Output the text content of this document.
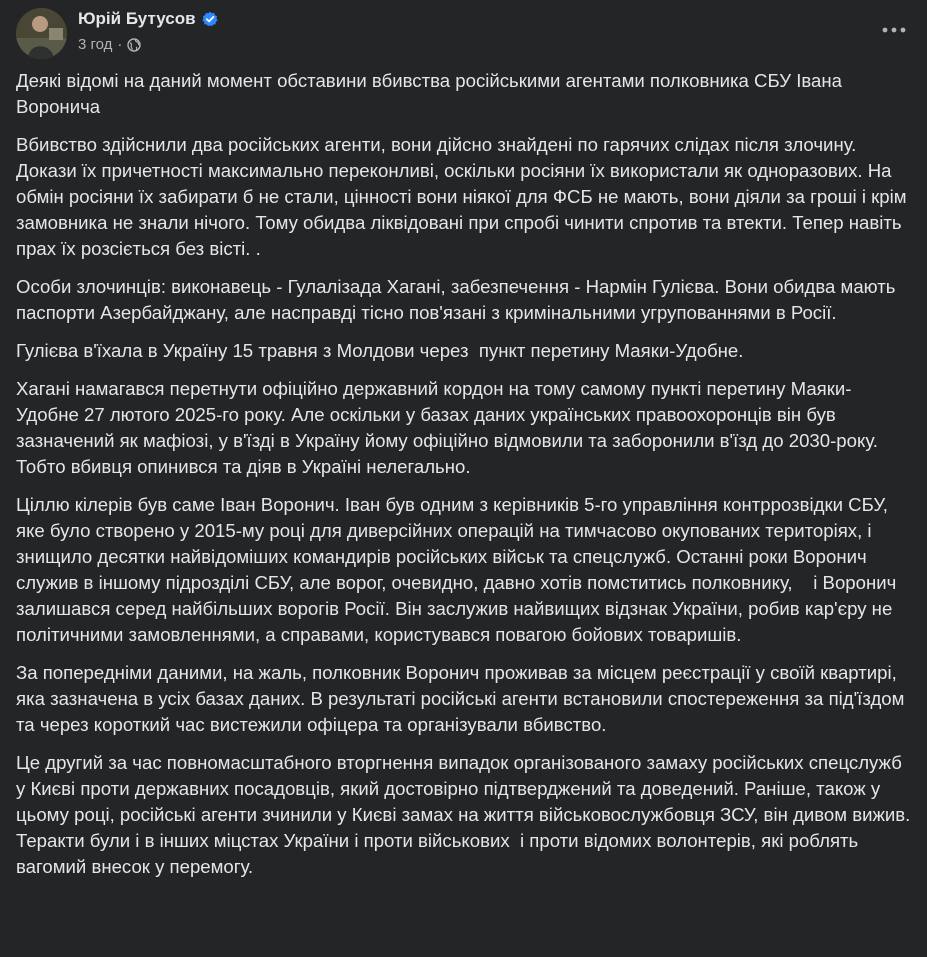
Юрій Бутусов
3 год ·

Деякі відомі на даний момент обставини вбивства російськими агентами полковника СБУ Івана Воронича

Вбивство здійснили два російських агенти, вони дійсно знайдені по гарячих слідах після злочину. Докази їх причетності максимально переконливі, оскільки росіяни їх використали як одноразових. На обмін росіяни їх забирати б не стали, цінності вони ніякої для ФСБ не мають, вони діяли за гроші і крім замовника не знали нічого. Тому обидва ліквідовані при спробі чинити спротив та втекти. Тепер навіть прах їх розсіється без вісті. .

Особи злочинців: виконавець - Гулалізада Хагані, забезпечення - Нармін Гулієва. Вони обидва мають паспорти Азербайджану, але насправді тісно пов'язані з кримінальними угрупованнями в Росії.

Гулієва в'їхала в Україну 15 травня з Молдови через  пункт перетину Маяки-Удобне.

Хагані намагався перетнути офіційно державний кордон на тому самому пункті перетину Маяки-Удобне 27 лютого 2025-го року. Але оскільки у базах даних українських правоохоронців він був зазначений як мафіозі, у в'їзді в Україну йому офіційно відмовили та заборонили в'їзд до 2030-року. Тобто вбивця опинився та діяв в Україні нелегально.

Ціллю кілерів був саме Іван Воронич. Іван був одним з керівників 5-го управління контррозвідки СБУ, яке було створено у 2015-му році для диверсійних операцій на тимчасово окупованих територіях, і знищило десятки найвідоміших командирів російських військ та спецслужб. Останні роки Воронич служив в іншому підрозділі СБУ, але ворог, очевидно, давно хотів помститись полковнику,    і Воронич залишався серед найбільших ворогів Росії. Він заслужив найвищих відзнак України, робив кар'єру не політичними замовленнями, а справами, користувався повагою бойових товаришів.

За попередніми даними, на жаль, полковник Воронич проживав за місцем реєстрації у своїй квартирі, яка зазначена в усіх базах даних. В результаті російські агенти встановили спостереження за під'їздом та через короткий час вистежили офіцера та організували вбивство.

Це другий за час повномасштабного вторгнення випадок організованого замаху російських спецслужб у Києві проти державних посадовців, який достовірно підтверджений та доведений. Раніше, також у цьому році, російські агенти зчинили у Києві замах на життя військовослужбовця ЗСУ, він дивом вижив. Теракти були і в інших міцстах України і проти військових  і проти відомих волонтерів, які роблять вагомий внесок у перемогу.
